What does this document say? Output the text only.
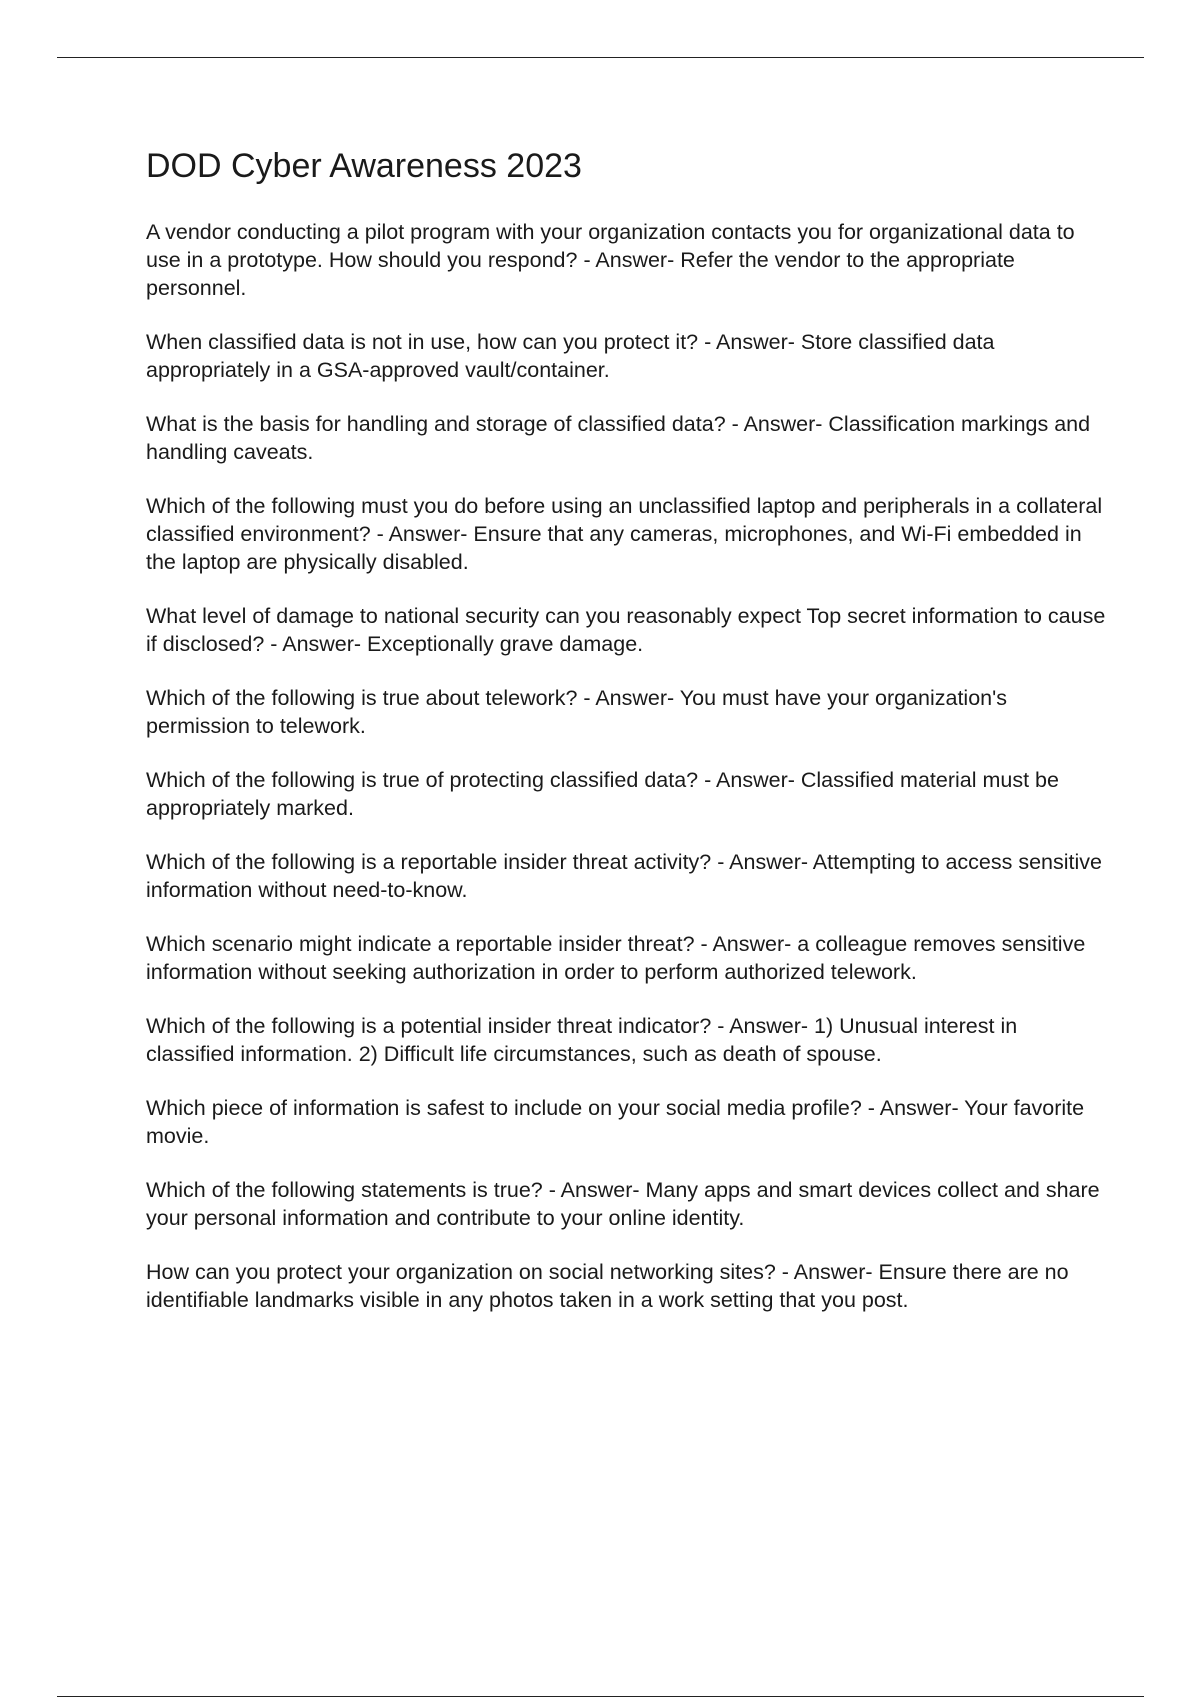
DOD Cyber Awareness 2023

A vendor conducting a pilot program with your organization contacts you for organizational data to use in a prototype. How should you respond? - Answer- Refer the vendor to the appropriate personnel.

When classified data is not in use, how can you protect it? - Answer- Store classified data appropriately in a GSA-approved vault/container.

What is the basis for handling and storage of classified data? - Answer- Classification markings and handling caveats.

Which of the following must you do before using an unclassified laptop and peripherals in a collateral classified environment? - Answer- Ensure that any cameras, microphones, and Wi-Fi embedded in the laptop are physically disabled.

What level of damage to national security can you reasonably expect Top secret information to cause if disclosed? - Answer- Exceptionally grave damage.

Which of the following is true about telework? - Answer- You must have your organization's permission to telework.

Which of the following is true of protecting classified data? - Answer- Classified material must be appropriately marked.

Which of the following is a reportable insider threat activity? - Answer- Attempting to access sensitive information without need-to-know.

Which scenario might indicate a reportable insider threat? - Answer- a colleague removes sensitive information without seeking authorization in order to perform authorized telework.

Which of the following is a potential insider threat indicator? - Answer- 1) Unusual interest in classified information. 2) Difficult life circumstances, such as death of spouse.

Which piece of information is safest to include on your social media profile? - Answer- Your favorite movie.

Which of the following statements is true? - Answer- Many apps and smart devices collect and share your personal information and contribute to your online identity.

How can you protect your organization on social networking sites? - Answer- Ensure there are no identifiable landmarks visible in any photos taken in a work setting that you post.
